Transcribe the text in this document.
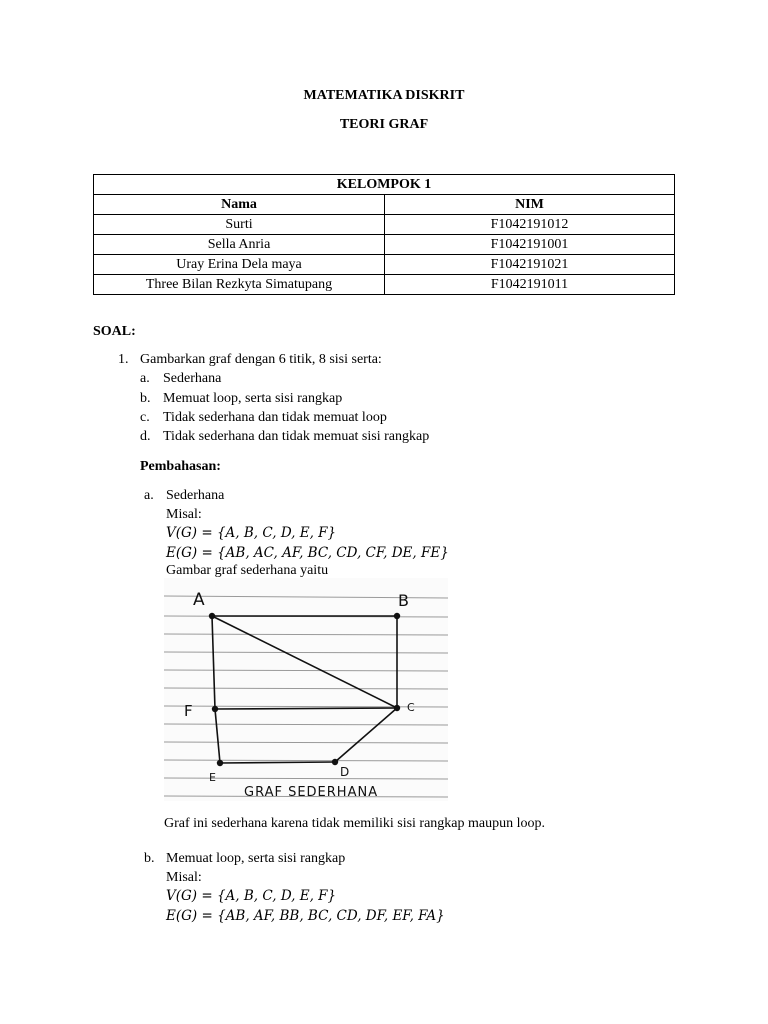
MATEMATIKA DISKRIT
TEORI GRAF
KELOMPOK 1	
Nama	NIM
Surti	F1042191012
Sella Anria	F1042191001
Uray Erina Dela maya	F1042191021
Three Bilan Rezkyta Simatupang	F1042191011
SOAL:
1. Gambarkan graf dengan 6 titik, 8 sisi serta:
a. Sederhana
b. Memuat loop, serta sisi rangkap
c. Tidak sederhana dan tidak memuat loop
d. Tidak sederhana dan tidak memuat sisi rangkap
Pembahasan:
a. Sederhana
Misal:
V(G) = {A, B, C, D, E, F}
E(G) = {AB, AC, AF, BC, CD, CF, DE, FE}
Gambar graf sederhana yaitu
A	B
C
D
E
F
GRAF SEDERHANA
Graf ini sederhana karena tidak memiliki sisi rangkap maupun loop.
b. Memuat loop, serta sisi rangkap
Misal:
V(G) = {A, B, C, D, E, F}
E(G) = {AB, AF, BB, BC, CD, DF, EF, FA}
